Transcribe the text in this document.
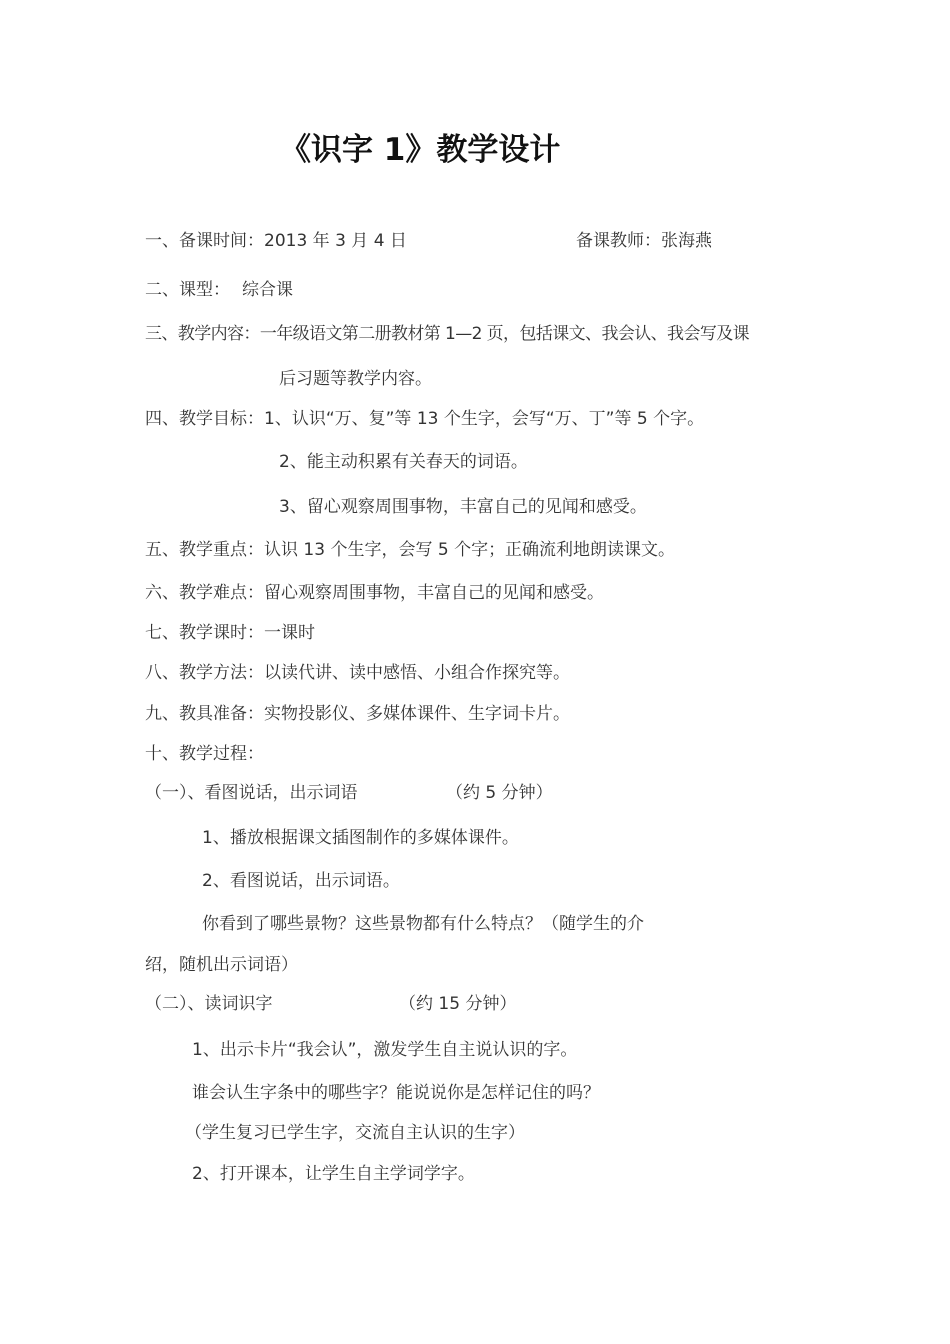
《识字 1》教学设计
一、备课时间：2013 年 3 月 4 日	备课教师：张海燕
二、课型： 综合课
三、教学内容：一年级语文第二册教材第 1—2 页，包括课文、我会认、我会写及课
后习题等教学内容。
四、教学目标：1、认识“万、复”等 13 个生字，会写“万、丁”等 5 个字。
2、能主动积累有关春天的词语。
3、留心观察周围事物，丰富自己的见闻和感受。
五、教学重点：认识 13 个生字，会写 5 个字；正确流利地朗读课文。
六、教学难点：留心观察周围事物，丰富自己的见闻和感受。
七、教学课时：一课时
八、教学方法：以读代讲、读中感悟、小组合作探究等。
九、教具准备：实物投影仪、多媒体课件、生字词卡片。
十、教学过程：
（一）、看图说话，出示词语	（约 5 分钟）
1、播放根据课文插图制作的多媒体课件。
2、看图说话，出示词语。
你看到了哪些景物？这些景物都有什么特点？（随学生的介
绍，随机出示词语）
（二）、读词识字	（约 15 分钟）
1、出示卡片“我会认”，激发学生自主说认识的字。
谁会认生字条中的哪些字？能说说你是怎样记住的吗？
（学生复习已学生字，交流自主认识的生字）
2、打开课本，让学生自主学词学字。
